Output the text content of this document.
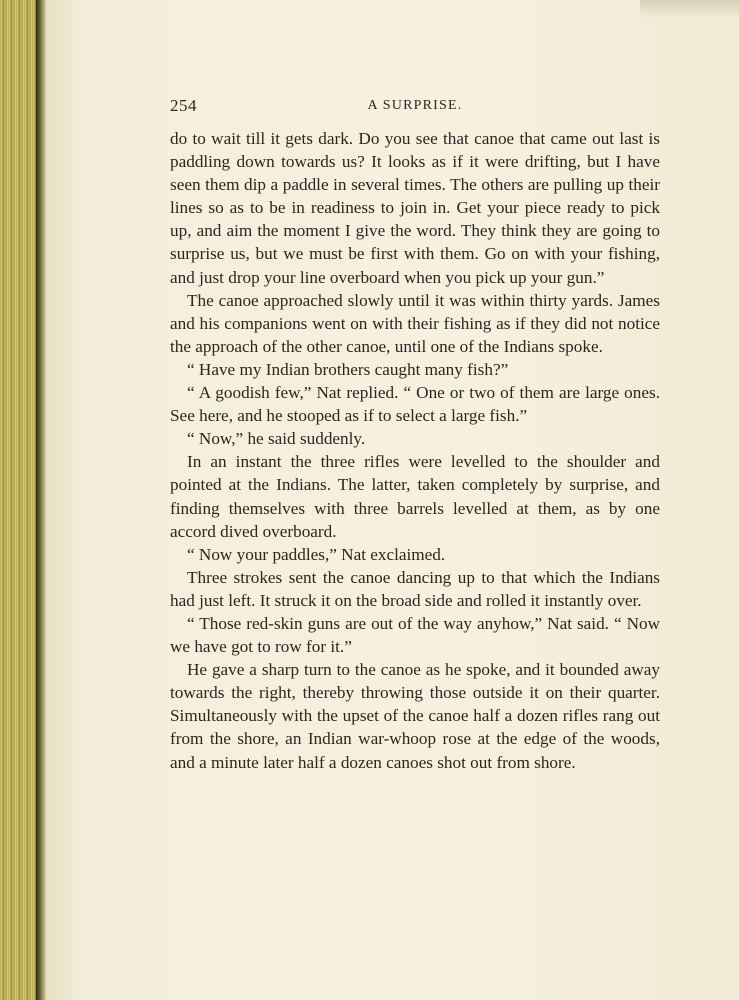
254	A SURPRISE.

do to wait till it gets dark. Do you see that canoe that came out last is paddling down towards us? It looks as if it were drifting, but I have seen them dip a paddle in several times. The others are pulling up their lines so as to be in readiness to join in. Get your piece ready to pick up, and aim the moment I give the word. They think they are going to surprise us, but we must be first with them. Go on with your fishing, and just drop your line overboard when you pick up your gun.”

The canoe approached slowly until it was within thirty yards. James and his companions went on with their fishing as if they did not notice the approach of the other canoe, until one of the Indians spoke.

“ Have my Indian brothers caught many fish?”

“ A goodish few,” Nat replied. “ One or two of them are large ones. See here, and he stooped as if to select a large fish.”

“ Now,” he said suddenly.

In an instant the three rifles were levelled to the shoulder and pointed at the Indians. The latter, taken completely by surprise, and finding themselves with three barrels levelled at them, as by one accord dived overboard.

“ Now your paddles,” Nat exclaimed.

Three strokes sent the canoe dancing up to that which the Indians had just left. It struck it on the broad side and rolled it instantly over.

“ Those red-skin guns are out of the way anyhow,” Nat said. “ Now we have got to row for it.”

He gave a sharp turn to the canoe as he spoke, and it bounded away towards the right, thereby throwing those outside it on their quarter. Simultaneously with the upset of the canoe half a dozen rifles rang out from the shore, an Indian war-whoop rose at the edge of the woods, and a minute later half a dozen canoes shot out from shore.
